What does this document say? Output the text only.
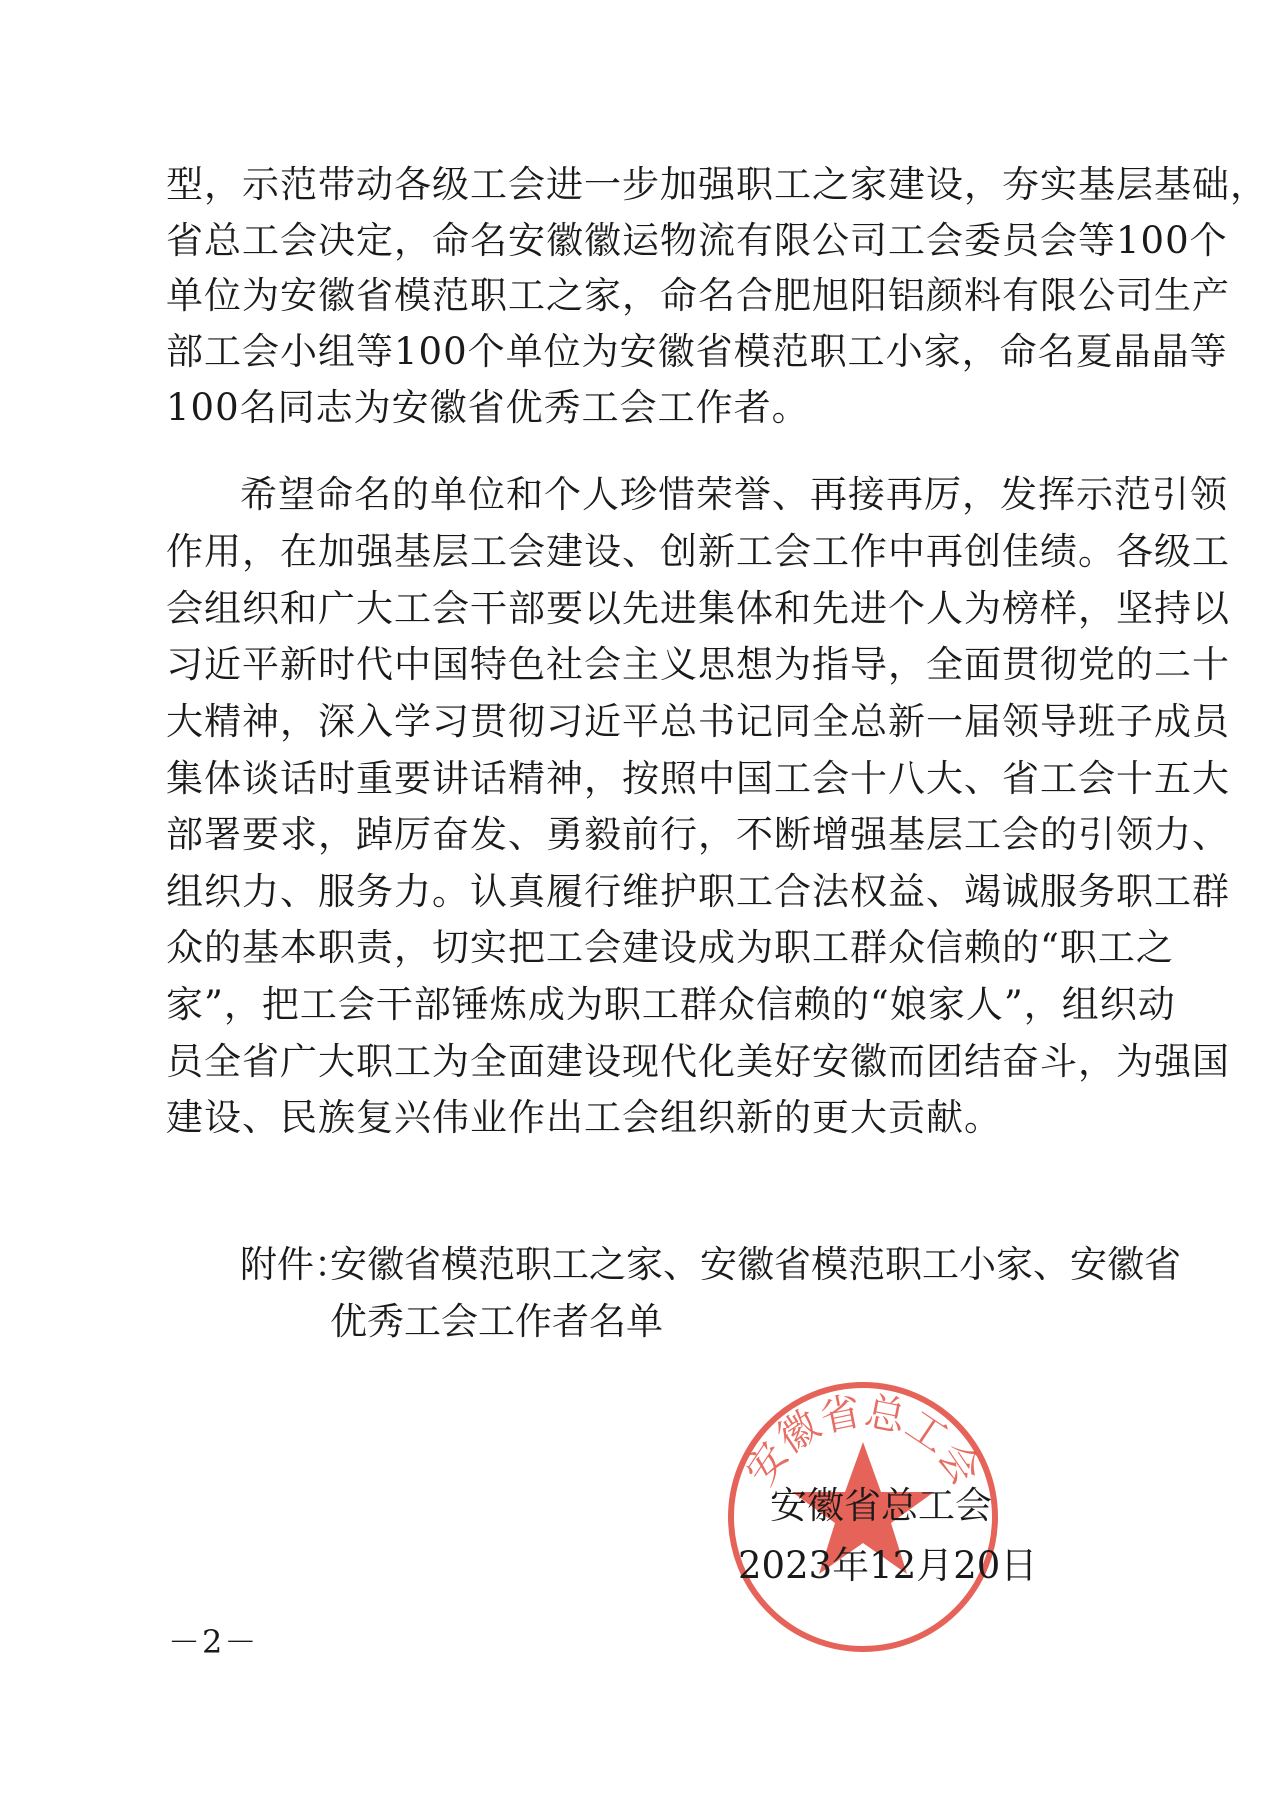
型，示范带动各级工会进一步加强职工之家建设，夯实基层基础，
省总工会决定，命名安徽徽运物流有限公司工会委员会等100个
单位为安徽省模范职工之家，命名合肥旭阳铝颜料有限公司生产
部工会小组等100个单位为安徽省模范职工小家，命名夏晶晶等
100名同志为安徽省优秀工会工作者。
希望命名的单位和个人珍惜荣誉、再接再厉，发挥示范引领
作用，在加强基层工会建设、创新工会工作中再创佳绩。各级工
会组织和广大工会干部要以先进集体和先进个人为榜样，坚持以
习近平新时代中国特色社会主义思想为指导，全面贯彻党的二十
大精神，深入学习贯彻习近平总书记同全总新一届领导班子成员
集体谈话时重要讲话精神，按照中国工会十八大、省工会十五大
部署要求，踔厉奋发、勇毅前行，不断增强基层工会的引领力、
组织力、服务力。认真履行维护职工合法权益、竭诚服务职工群
众的基本职责，切实把工会建设成为职工群众信赖的“职工之
家”，把工会干部锤炼成为职工群众信赖的“娘家人”，组织动
员全省广大职工为全面建设现代化美好安徽而团结奋斗，为强国
建设、民族复兴伟业作出工会组织新的更大贡献。
附件：
安徽省模范职工之家、安徽省模范职工小家、安徽省
优秀工会工作者名单
安徽省总工会
安徽省总工会
2023年12月20日
－2－
